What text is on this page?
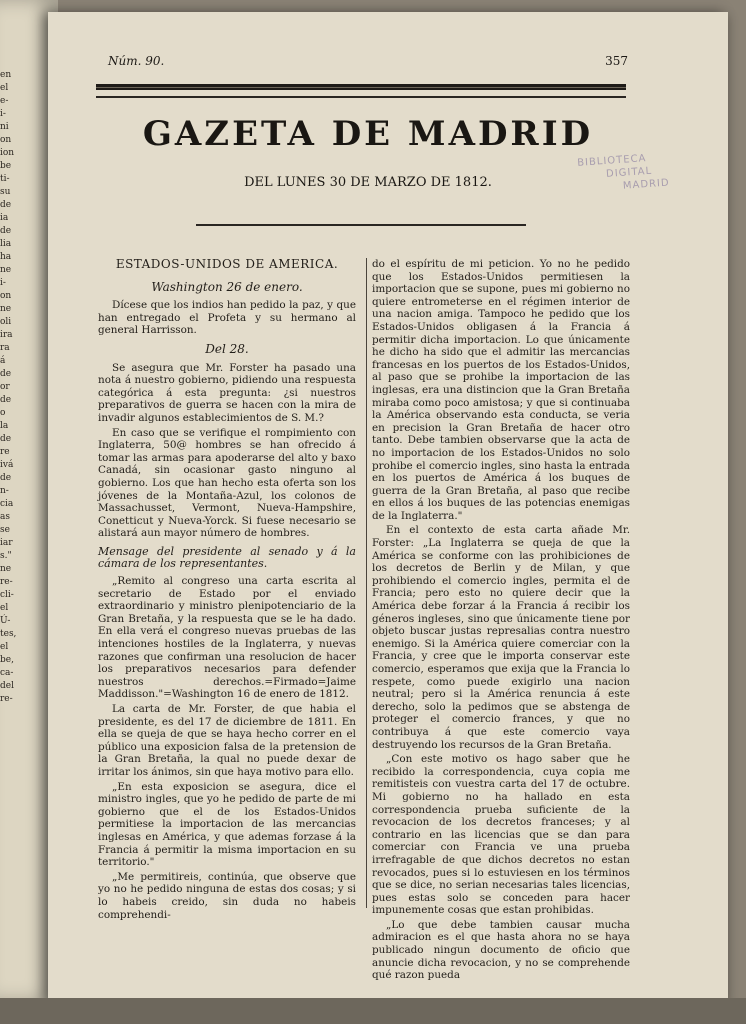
en
el
e-
i-
ni
on
ion
be
ti-
su
de
ia
de
lia
ha
ne
i-
on
ne
oli
ira
ra
á
de
or
de
o
la
de
re
ivá
de
n-
cia
as
se
iar
s."
ne
re-
cli-
el
Ú-
tes,
el
be,
ca-
del
re-
Núm. 90.	357
GAZETA DE MADRID
DEL LUNES 30 DE MARZO DE 1812.
BIBLIOTECA
DIGITAL
MADRID
ESTADOS-UNIDOS DE AMERICA.
Washington 26 de enero.

Dícese que los indios han pedido la paz, y que han entregado el Profeta y su hermano al general Harrisson.

Del 28.

Se asegura que Mr. Forster ha pasado una nota á nuestro gobierno, pidiendo una respuesta categórica á esta pregunta: ¿si nuestros preparativos de guerra se hacen con la mira de invadir algunos establecimientos de S. M.?

En caso que se verifique el rompimiento con Inglaterra, 50@ hombres se han ofrecido á tomar las armas para apoderarse del alto y baxo Canadá, sin ocasionar gasto ninguno al gobierno. Los que han hecho esta oferta son los jóvenes de la Montaña-Azul, los colonos de Massachusset, Vermont, Nueva-Hampshire, Conetticut y Nueva-Yorck. Si fuese necesario se alistará aun mayor número de hombres.

Mensage del presidente al senado y á la cámara de los representantes.

„Remito al congreso una carta escrita al secretario de Estado por el enviado extraordinario y ministro plenipotenciario de la Gran Bretaña, y la respuesta que se le ha dado. En ella verá el congreso nuevas pruebas de las intenciones hostiles de la Inglaterra, y nuevas razones que confirman una resolucion de hacer los preparativos necesarios para defender nuestros derechos.=Firmado=Jaime Maddisson."=Washington 16 de enero de 1812.

La carta de Mr. Forster, de que habia el presidente, es del 17 de diciembre de 1811. En ella se queja de que se haya hecho correr en el público una exposicion falsa de la pretension de la Gran Bretaña, la qual no puede dexar de irritar los ánimos, sin que haya motivo para ello.

„En esta exposicion se asegura, dice el ministro ingles, que yo he pedido de parte de mi gobierno que el de los Estados-Unidos permitiese la importacion de las mercancias inglesas en América, y que ademas forzase á la Francia á permitir la misma importacion en su territorio."

„Me permitireis, continúa, que observe que yo no he pedido ninguna de estas dos cosas; y si lo habeis creido, sin duda no habeis comprehendi-

do el espíritu de mi peticion. Yo no he pedido que los Estados-Unidos permitiesen la importacion que se supone, pues mi gobierno no quiere entrometerse en el régimen interior de una nacion amiga. Tampoco he pedido que los Estados-Unidos obligasen á la Francia á permitir dicha importacion. Lo que únicamente he dicho ha sido que el admitir las mercancias francesas en los puertos de los Estados-Unidos, al paso que se prohibe la importacion de las inglesas, era una distincion que la Gran Bretaña miraba como poco amistosa; y que si continuaba la América observando esta conducta, se veria en precision la Gran Bretaña de hacer otro tanto. Debe tambien observarse que la acta de no importacion de los Estados-Unidos no solo prohibe el comercio ingles, sino hasta la entrada en los puertos de América á los buques de guerra de la Gran Bretaña, al paso que recibe en ellos á los buques de las potencias enemigas de la Inglaterra."

En el contexto de esta carta añade Mr. Forster: „La Inglaterra se queja de que la América se conforme con las prohibiciones de los decretos de Berlin y de Milan, y que prohibiendo el comercio ingles, permita el de Francia; pero esto no quiere decir que la América debe forzar á la Francia á recibir los géneros ingleses, sino que únicamente tiene por objeto buscar justas represalias contra nuestro enemigo. Si la América quiere comerciar con la Francia, y cree que le importa conservar este comercio, esperamos que exija que la Francia lo respete, como puede exigirlo una nacion neutral; pero si la América renuncia á este derecho, solo la pedimos que se abstenga de proteger el comercio frances, y que no contribuya á que este comercio vaya destruyendo los recursos de la Gran Bretaña.

„Con este motivo os hago saber que he recibido la correspondencia, cuya copia me remitisteis con vuestra carta del 17 de octubre. Mi gobierno no ha hallado en esta correspondencia prueba suficiente de la revocacion de los decretos franceses; y al contrario en las licencias que se dan para comerciar con Francia ve una prueba irrefragable de que dichos decretos no estan revocados, pues si lo estuviesen en los términos que se dice, no serian necesarias tales licencias, pues estas solo se conceden para hacer impunemente cosas que estan prohibidas.

„Lo que debe tambien causar mucha admiracion es el que hasta ahora no se haya publicado ningun documento de oficio que anuncie dicha revocacion, y no se comprehende qué razon pueda
